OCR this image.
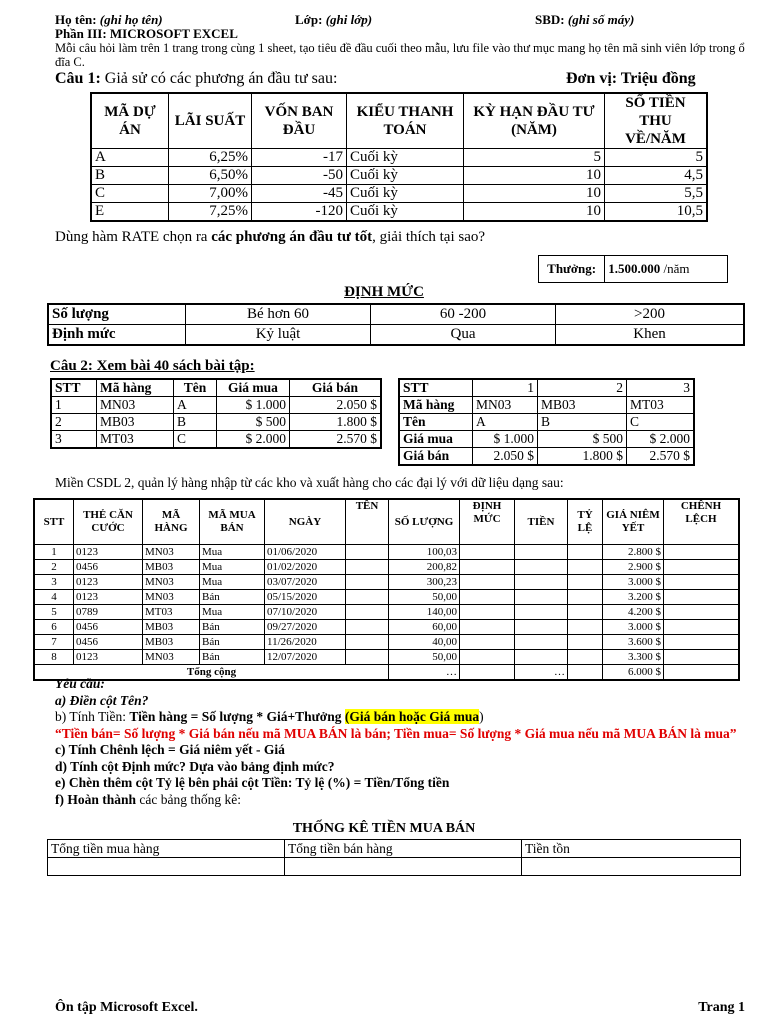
Họ tên: (ghi họ tên)	Lớp: (ghi lớp)	SBD: (ghi số máy)
Phần III: MICROSOFT EXCEL
Mỗi câu hỏi làm trên 1 trang trong cùng 1 sheet, tạo tiêu đề đầu cuối theo mẫu, lưu file vào thư mục mang họ tên mã sinh viên lớp trong ổ đĩa C.
Câu 1: Giả sử có các phương án đầu tư sau:	Đơn vị: Triệu đồng
MÃ DỰ ÁN	LÃI SUẤT	VỐN BAN ĐẦU	KIỂU THANH TOÁN	KỲ HẠN ĐẦU TƯ (NĂM)	SỐ TIỀN THU VỀ/NĂM
A	6,25%	-17	Cuối kỳ	5	5
B	6,50%	-50	Cuối kỳ	10	4,5
C	7,00%	-45	Cuối kỳ	10	5,5
E	7,25%	-120	Cuối kỳ	10	10,5
Dùng hàm RATE chọn ra các phương án đầu tư tốt, giải thích tại sao?
Thưởng:	1.500.000 /năm
ĐỊNH MỨC
Số lượng	Bé hơn 60	60 -200	>200
Định mức	Kỷ luật	Qua	Khen
Câu 2: Xem bài 40 sách bài tập:
STT	Mã hàng	Tên	Giá mua	Giá bán
1	MN03	A	$ 1.000	2.050 $
2	MB03	B	$ 500	1.800 $
3	MT03	C	$ 2.000	2.570 $
STT	1	2	3
Mã hàng	MN03	MB03	MT03
Tên	A	B	C
Giá mua	$ 1.000	$ 500	$ 2.000
Giá bán	2.050 $	1.800 $	2.570 $
Miền CSDL 2, quản lý hàng nhập từ các kho và xuất hàng cho các đại lý với dữ liệu dạng sau:
STT	THẺ CĂN CƯỚC	MÃ HÀNG	MÃ MUA BÁN	NGÀY	TÊN	SỐ LƯỢNG	ĐỊNH MỨC	TIỀN	TỶ LỆ	GIÁ NIÊM YẾT	CHÊNH LỆCH
1	0123	MN03	Mua	01/06/2020		100,03				2.800 $	
2	0456	MB03	Mua	01/02/2020		200,82				2.900 $	
3	0123	MN03	Mua	03/07/2020		300,23				3.000 $	
4	0123	MN03	Bán	05/15/2020		50,00				3.200 $	
5	0789	MT03	Mua	07/10/2020		140,00				4.200 $	
6	0456	MB03	Bán	09/27/2020		60,00				3.000 $	
7	0456	MB03	Bán	11/26/2020		40,00				3.600 $	
8	0123	MN03	Bán	12/07/2020		50,00				3.300 $	
Tổng cộng						…		…		6.000 $	
Yêu cầu:
a) Điền cột Tên?
b) Tính Tiền: Tiền hàng = Số lượng * Giá+Thưởng (Giá bán hoặc Giá mua)
“Tiền bán= Số lượng * Giá bán nếu mã MUA BÁN là bán; Tiền mua= Số lượng * Giá mua nếu mã MUA BÁN là mua”
c) Tính Chênh lệch = Giá niêm yết - Giá
d) Tính cột Định mức? Dựa vào bảng định mức?
e) Chèn thêm cột Tỷ lệ bên phải cột Tiền: Tỷ lệ (%) = Tiền/Tổng tiền
f) Hoàn thành các bảng thống kê:
THỐNG KÊ TIỀN MUA BÁN
Tổng tiền mua hàng	Tổng tiền bán hàng	Tiền tồn

Ôn tập Microsoft Excel.	Trang 1
